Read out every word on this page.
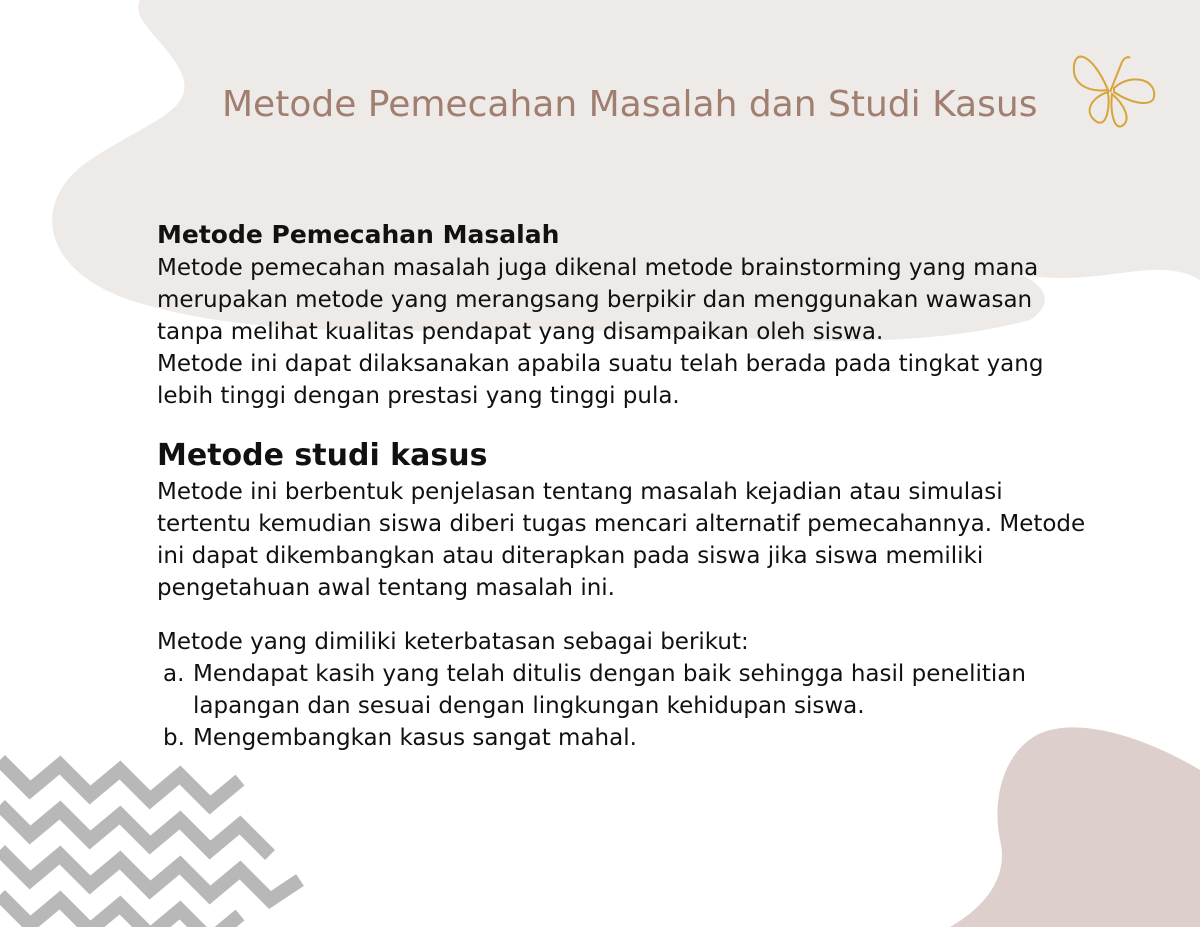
Metode Pemecahan Masalah dan Studi Kasus

Metode Pemecahan Masalah

Metode pemecahan masalah juga dikenal metode brainstorming yang mana merupakan metode yang merangsang berpikir dan menggunakan wawasan tanpa melihat kualitas pendapat yang disampaikan oleh siswa.

Metode ini dapat dilaksanakan apabila suatu telah berada pada tingkat yang lebih tinggi dengan prestasi yang tinggi pula.

Metode studi kasus

Metode ini berbentuk penjelasan tentang masalah kejadian atau simulasi tertentu kemudian siswa diberi tugas mencari alternatif pemecahannya. Metode ini dapat dikembangkan atau diterapkan pada siswa jika siswa memiliki pengetahuan awal tentang masalah ini.

Metode yang dimiliki keterbatasan sebagai berikut:

a. Mendapat kasih yang telah ditulis dengan baik sehingga hasil penelitian lapangan dan sesuai dengan lingkungan kehidupan siswa.
b. Mengembangkan kasus sangat mahal.
